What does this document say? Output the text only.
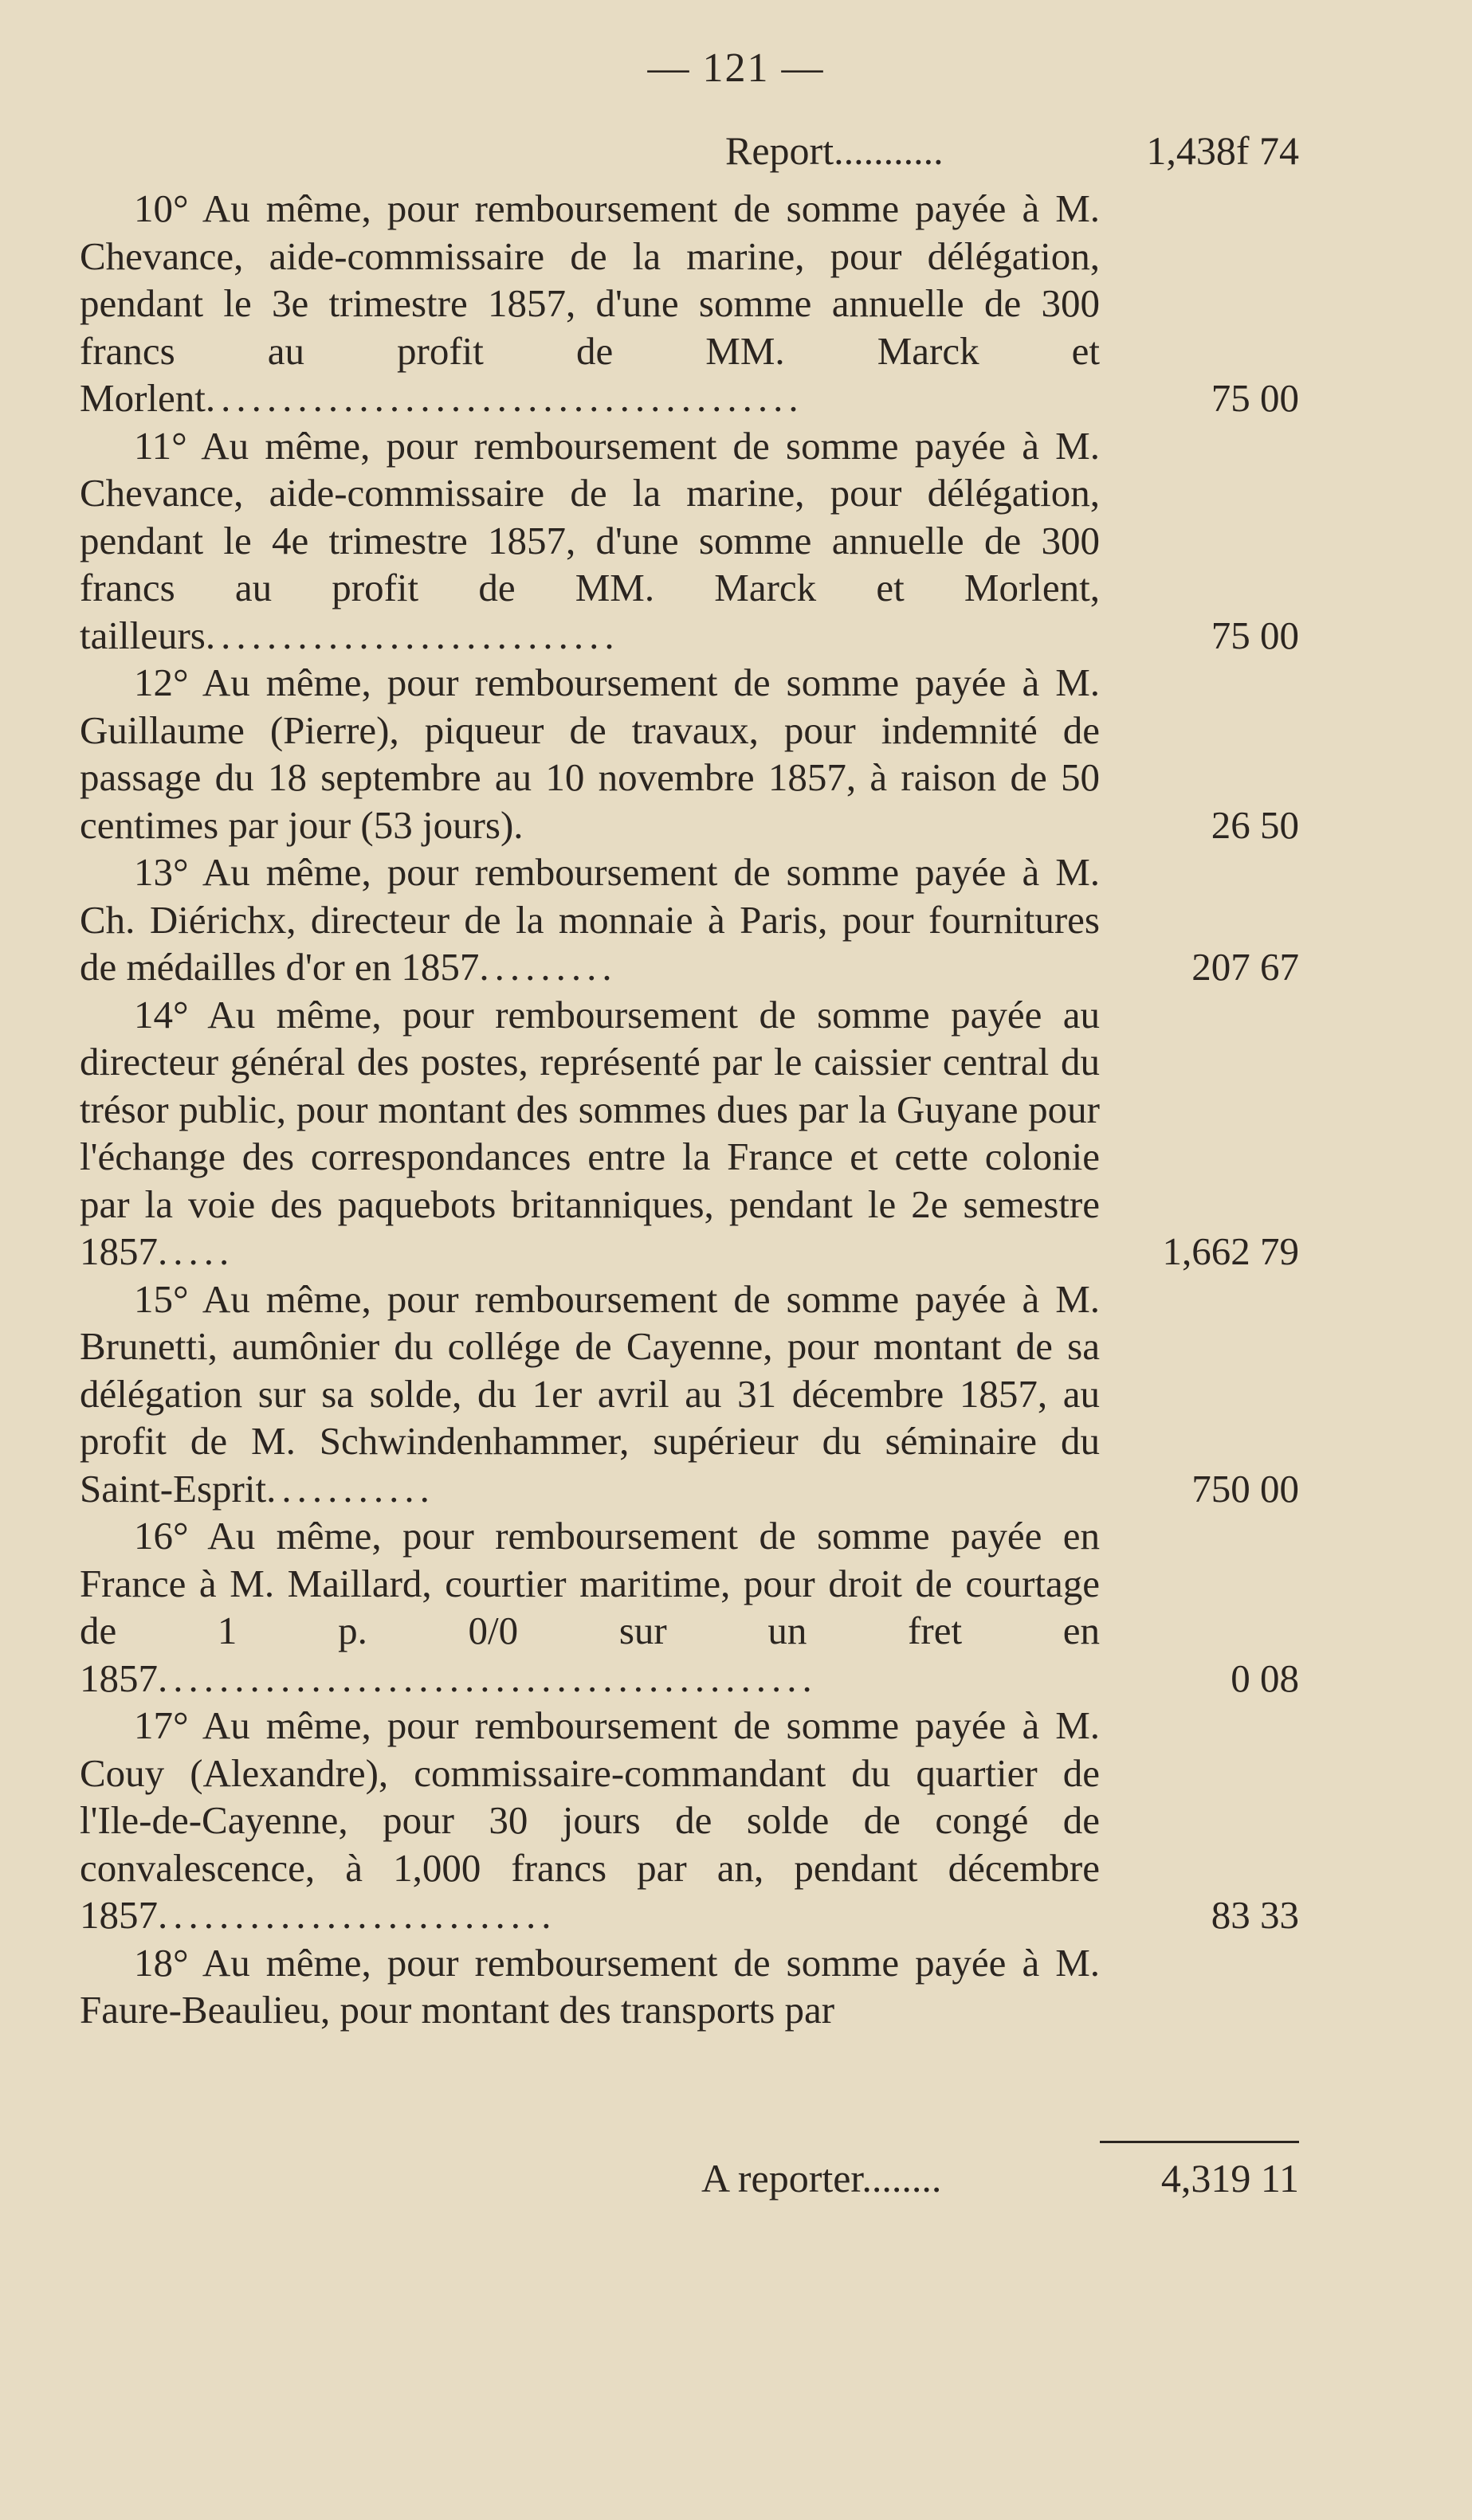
— 121 —
Report...........	1,438f 74
10° Au même, pour remboursement de somme payée à M. Chevance, aide-commissaire de la marine, pour délégation, pendant le 3e trimestre 1857, d'une somme annuelle de 300 francs au profit de MM. Marck et Morlent.......................................	75 00
11° Au même, pour remboursement de somme payée à M. Chevance, aide-commissaire de la marine, pour délégation, pendant le 4e trimestre 1857, d'une somme annuelle de 300 francs au profit de MM. Marck et Morlent, tailleurs...........................	75 00
12° Au même, pour remboursement de somme payée à M. Guillaume (Pierre), piqueur de travaux, pour indemnité de passage du 18 septembre au 10 novembre 1857, à raison de 50 centimes par jour (53 jours).	26 50
13° Au même, pour remboursement de somme payée à M. Ch. Diérichx, directeur de la monnaie à Paris, pour fournitures de médailles d'or en 1857.........	207 67
14° Au même, pour remboursement de somme payée au directeur général des postes, représenté par le caissier central du trésor public, pour montant des sommes dues par la Guyane pour l'échange des correspondances entre la France et cette colonie par la voie des paquebots britanniques, pendant le 2e semestre 1857.....	1,662 79
15° Au même, pour remboursement de somme payée à M. Brunetti, aumônier du collége de Cayenne, pour montant de sa délégation sur sa solde, du 1er avril au 31 décembre 1857, au profit de M. Schwindenhammer, supérieur du séminaire du Saint-Esprit...........	750 00
16° Au même, pour remboursement de somme payée en France à M. Maillard, courtier maritime, pour droit de courtage de 1 p. 0/0 sur un fret en 1857...........................................	0 08
17° Au même, pour remboursement de somme payée à M. Couy (Alexandre), commissaire-commandant du quartier de l'Ile-de-Cayenne, pour 30 jours de solde de congé de convalescence, à 1,000 francs par an, pendant décembre 1857..........................	83 33
18° Au même, pour remboursement de somme payée à M. Faure-Beaulieu, pour montant des transports par
A reporter........	4,319 11
